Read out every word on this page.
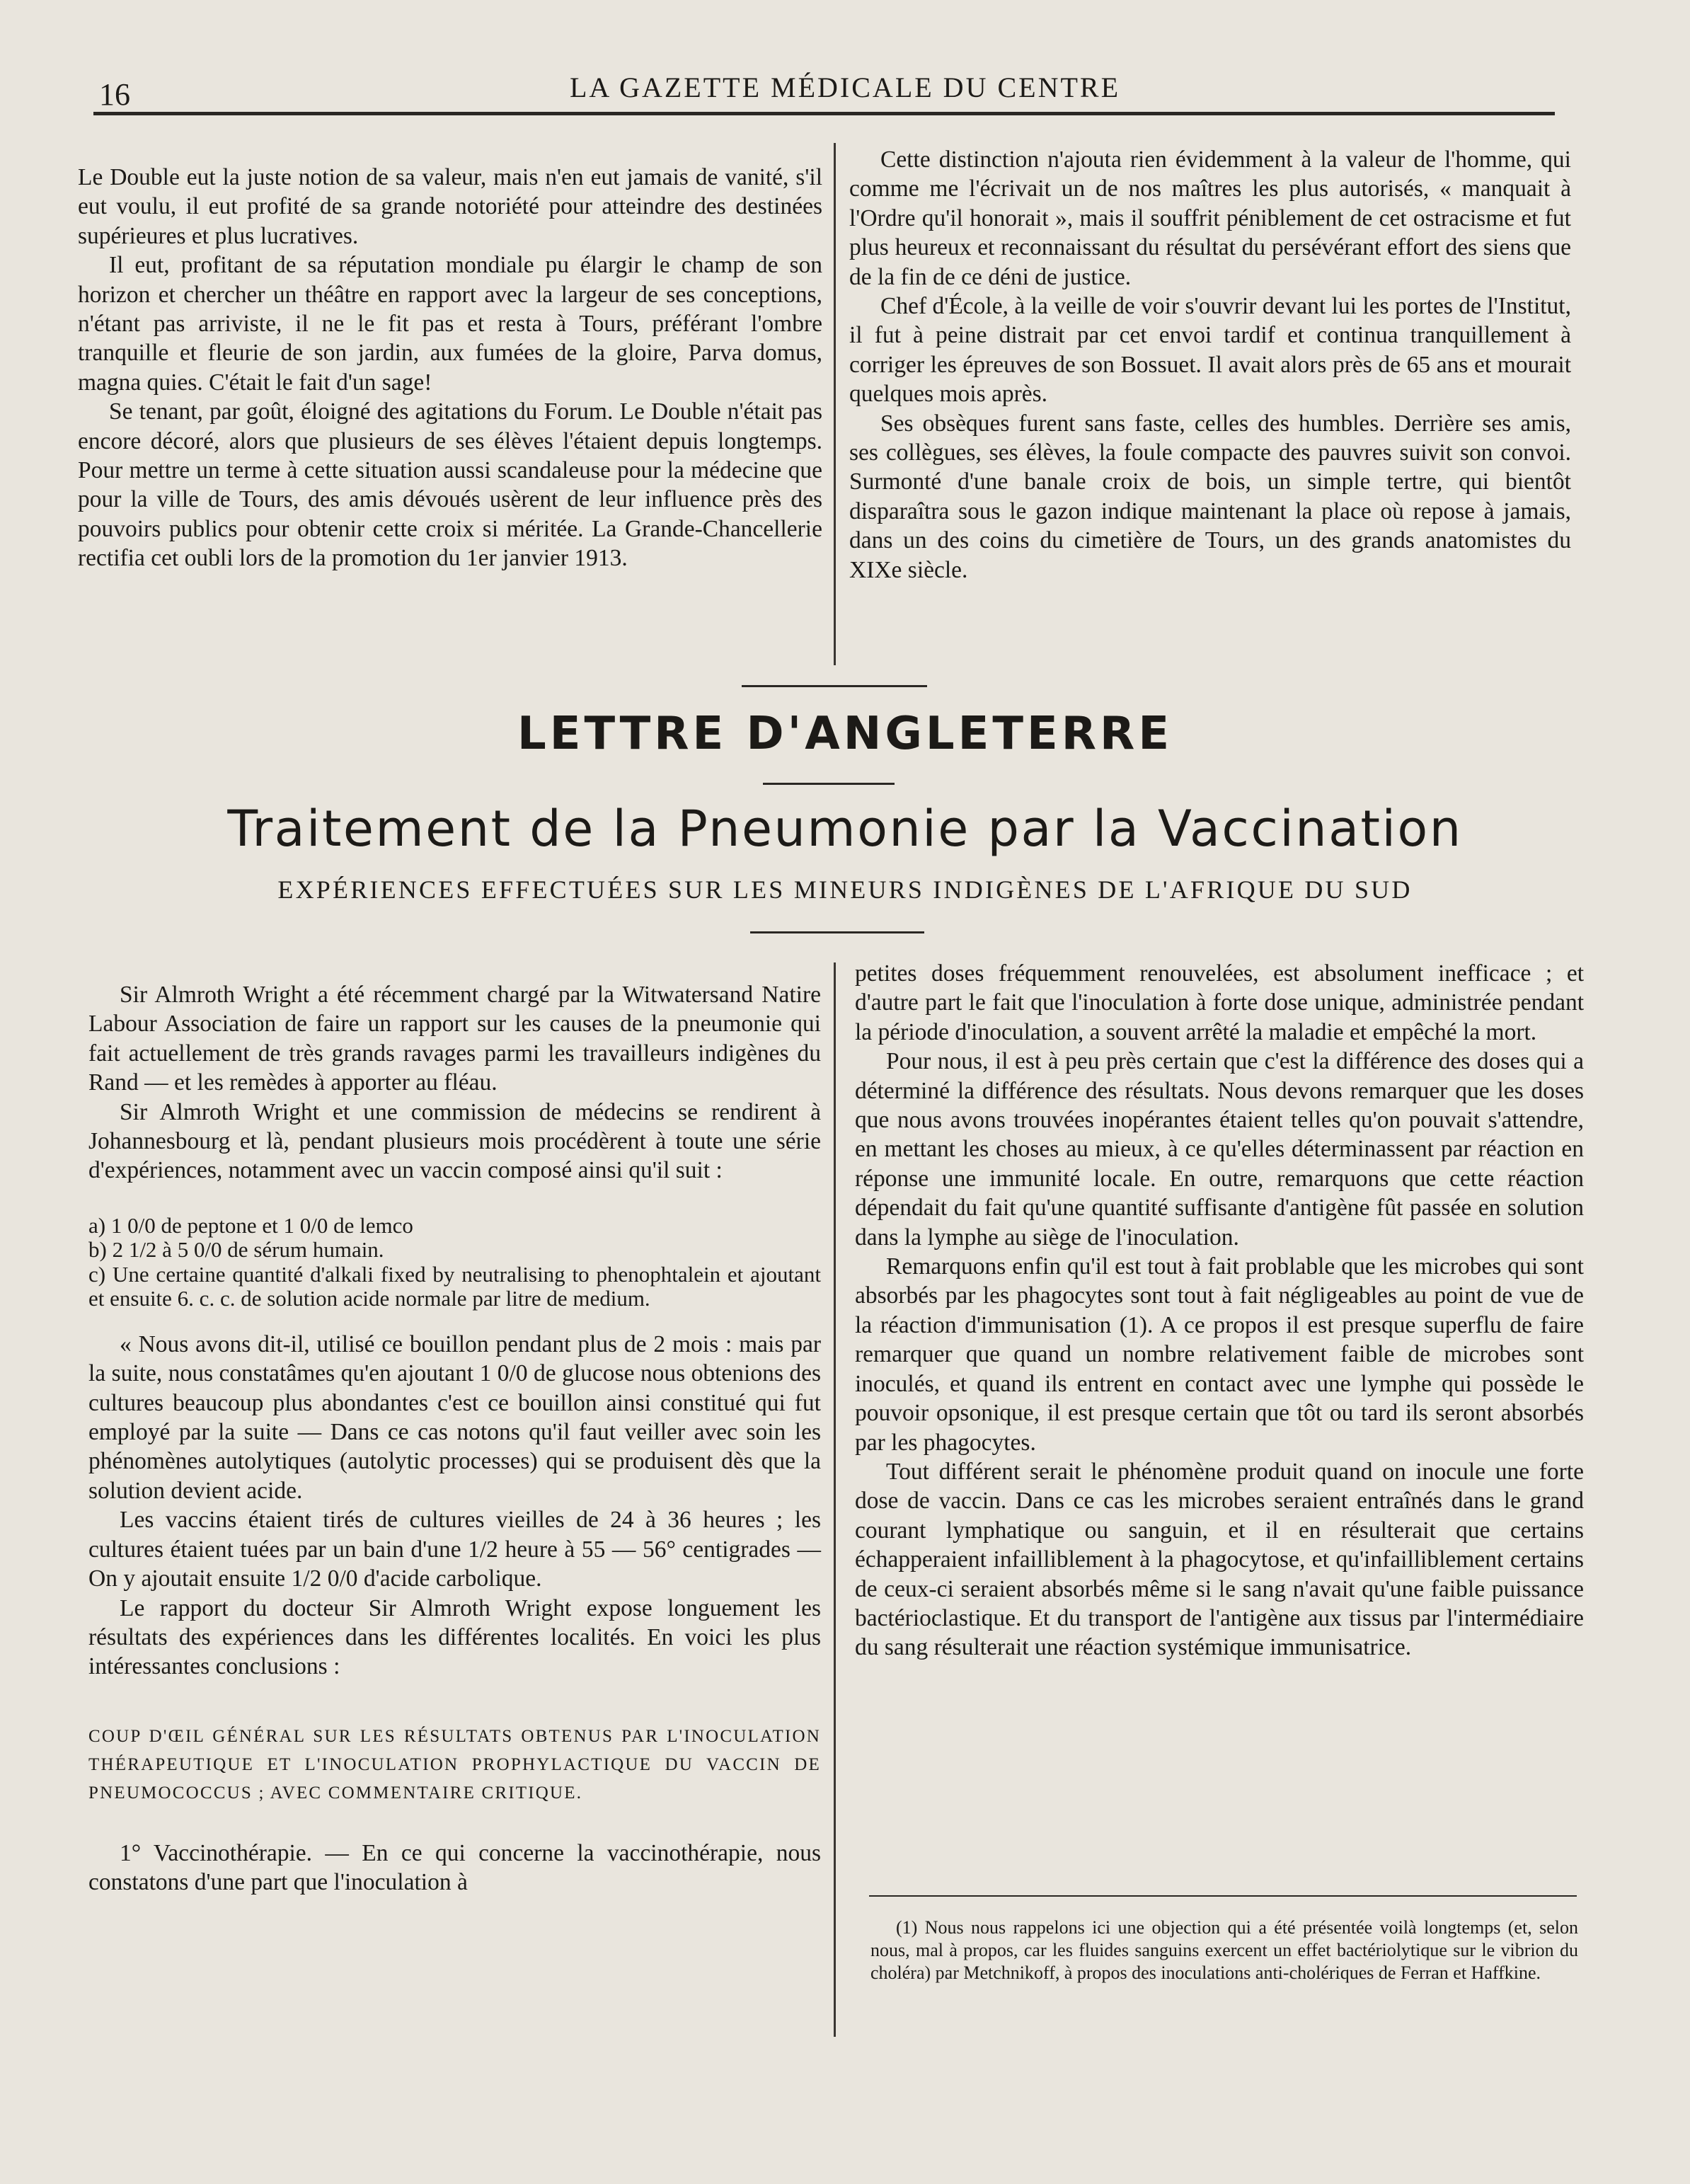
16	LA GAZETTE MÉDICALE DU CENTRE

Le Double eut la juste notion de sa valeur, mais n'en eut jamais de vanité, s'il eut voulu, il eut profité de sa grande notoriété pour atteindre des destinées supérieures et plus lucratives.

Il eut, profitant de sa réputation mondiale pu élargir le champ de son horizon et chercher un théâtre en rapport avec la largeur de ses conceptions, n'étant pas arriviste, il ne le fit pas et resta à Tours, préférant l'ombre tranquille et fleurie de son jardin, aux fumées de la gloire, Parva domus, magna quies. C'était le fait d'un sage!

Se tenant, par goût, éloigné des agitations du Forum. Le Double n'était pas encore décoré, alors que plusieurs de ses élèves l'étaient depuis longtemps. Pour mettre un terme à cette situation aussi scandaleuse pour la médecine que pour la ville de Tours, des amis dévoués usèrent de leur influence près des pouvoirs publics pour obtenir cette croix si méritée. La Grande-Chancellerie rectifia cet oubli lors de la promotion du 1er janvier 1913.

Cette distinction n'ajouta rien évidemment à la valeur de l'homme, qui comme me l'écrivait un de nos maîtres les plus autorisés, « manquait à l'Ordre qu'il honorait », mais il souffrit péniblement de cet ostracisme et fut plus heureux et reconnaissant du résultat du persévérant effort des siens que de la fin de ce déni de justice.

Chef d'École, à la veille de voir s'ouvrir devant lui les portes de l'Institut, il fut à peine distrait par cet envoi tardif et continua tranquillement à corriger les épreuves de son Bossuet. Il avait alors près de 65 ans et mourait quelques mois après.

Ses obsèques furent sans faste, celles des humbles. Derrière ses amis, ses collègues, ses élèves, la foule compacte des pauvres suivit son convoi. Surmonté d'une banale croix de bois, un simple tertre, qui bientôt disparaîtra sous le gazon indique maintenant la place où repose à jamais, dans un des coins du cimetière de Tours, un des grands anatomistes du XIXe siècle.

LETTRE D'ANGLETERRE
Traitement de la Pneumonie par la Vaccination
EXPÉRIENCES EFFECTUÉES SUR LES MINEURS INDIGÈNES DE L'AFRIQUE DU SUD

Sir Almroth Wright a été récemment chargé par la Witwatersand Natire Labour Association de faire un rapport sur les causes de la pneumonie qui fait actuellement de très grands ravages parmi les travailleurs indigènes du Rand — et les remèdes à apporter au fléau.

Sir Almroth Wright et une commission de médecins se rendirent à Johannesbourg et là, pendant plusieurs mois procédèrent à toute une série d'expériences, notamment avec un vaccin composé ainsi qu'il suit :

a) 1 0/0 de peptone et 1 0/0 de lemco

b) 2 1/2 à 5 0/0 de sérum humain.

c) Une certaine quantité d'alkali fixed by neutralising to phenophtalein et ajoutant et ensuite 6. c. c. de solution acide normale par litre de medium.

« Nous avons dit-il, utilisé ce bouillon pendant plus de 2 mois : mais par la suite, nous constatâmes qu'en ajoutant 1 0/0 de glucose nous obtenions des cultures beaucoup plus abondantes c'est ce bouillon ainsi constitué qui fut employé par la suite — Dans ce cas notons qu'il faut veiller avec soin les phénomènes autolytiques (autolytic processes) qui se produisent dès que la solution devient acide.

Les vaccins étaient tirés de cultures vieilles de 24 à 36 heures ; les cultures étaient tuées par un bain d'une 1/2 heure à 55 — 56° centigrades — On y ajoutait ensuite 1/2 0/0 d'acide carbolique.

Le rapport du docteur Sir Almroth Wright expose longuement les résultats des expériences dans les différentes localités. En voici les plus intéressantes conclusions :

COUP D'ŒIL GÉNÉRAL SUR LES RÉSULTATS OBTENUS PAR L'INOCULATION THÉRAPEUTIQUE ET L'INOCULATION PROPHYLACTIQUE DU VACCIN DE PNEUMOCOCCUS ; AVEC COMMENTAIRE CRITIQUE.

1° Vaccinothérapie. — En ce qui concerne la vaccinothérapie, nous constatons d'une part que l'inoculation à

petites doses fréquemment renouvelées, est absolument inefficace ; et d'autre part le fait que l'inoculation à forte dose unique, administrée pendant la période d'inoculation, a souvent arrêté la maladie et empêché la mort.

Pour nous, il est à peu près certain que c'est la différence des doses qui a déterminé la différence des résultats. Nous devons remarquer que les doses que nous avons trouvées inopérantes étaient telles qu'on pouvait s'attendre, en mettant les choses au mieux, à ce qu'elles déterminassent par réaction en réponse une immunité locale. En outre, remarquons que cette réaction dépendait du fait qu'une quantité suffisante d'antigène fût passée en solution dans la lymphe au siège de l'inoculation.

Remarquons enfin qu'il est tout à fait problable que les microbes qui sont absorbés par les phagocytes sont tout à fait négligeables au point de vue de la réaction d'immunisation (1). A ce propos il est presque superflu de faire remarquer que quand un nombre relativement faible de microbes sont inoculés, et quand ils entrent en contact avec une lymphe qui possède le pouvoir opsonique, il est presque certain que tôt ou tard ils seront absorbés par les phagocytes.

Tout différent serait le phénomène produit quand on inocule une forte dose de vaccin. Dans ce cas les microbes seraient entraînés dans le grand courant lymphatique ou sanguin, et il en résulterait que certains échapperaient infailliblement à la phagocytose, et qu'infailliblement certains de ceux-ci seraient absorbés même si le sang n'avait qu'une faible puissance bactérioclastique. Et du transport de l'antigène aux tissus par l'intermédiaire du sang résulterait une réaction systémique immunisatrice.

(1) Nous nous rappelons ici une objection qui a été présentée voilà longtemps (et, selon nous, mal à propos, car les fluides sanguins exercent un effet bactériolytique sur le vibrion du choléra) par Metchnikoff, à propos des inoculations anti-cholériques de Ferran et Haffkine.
